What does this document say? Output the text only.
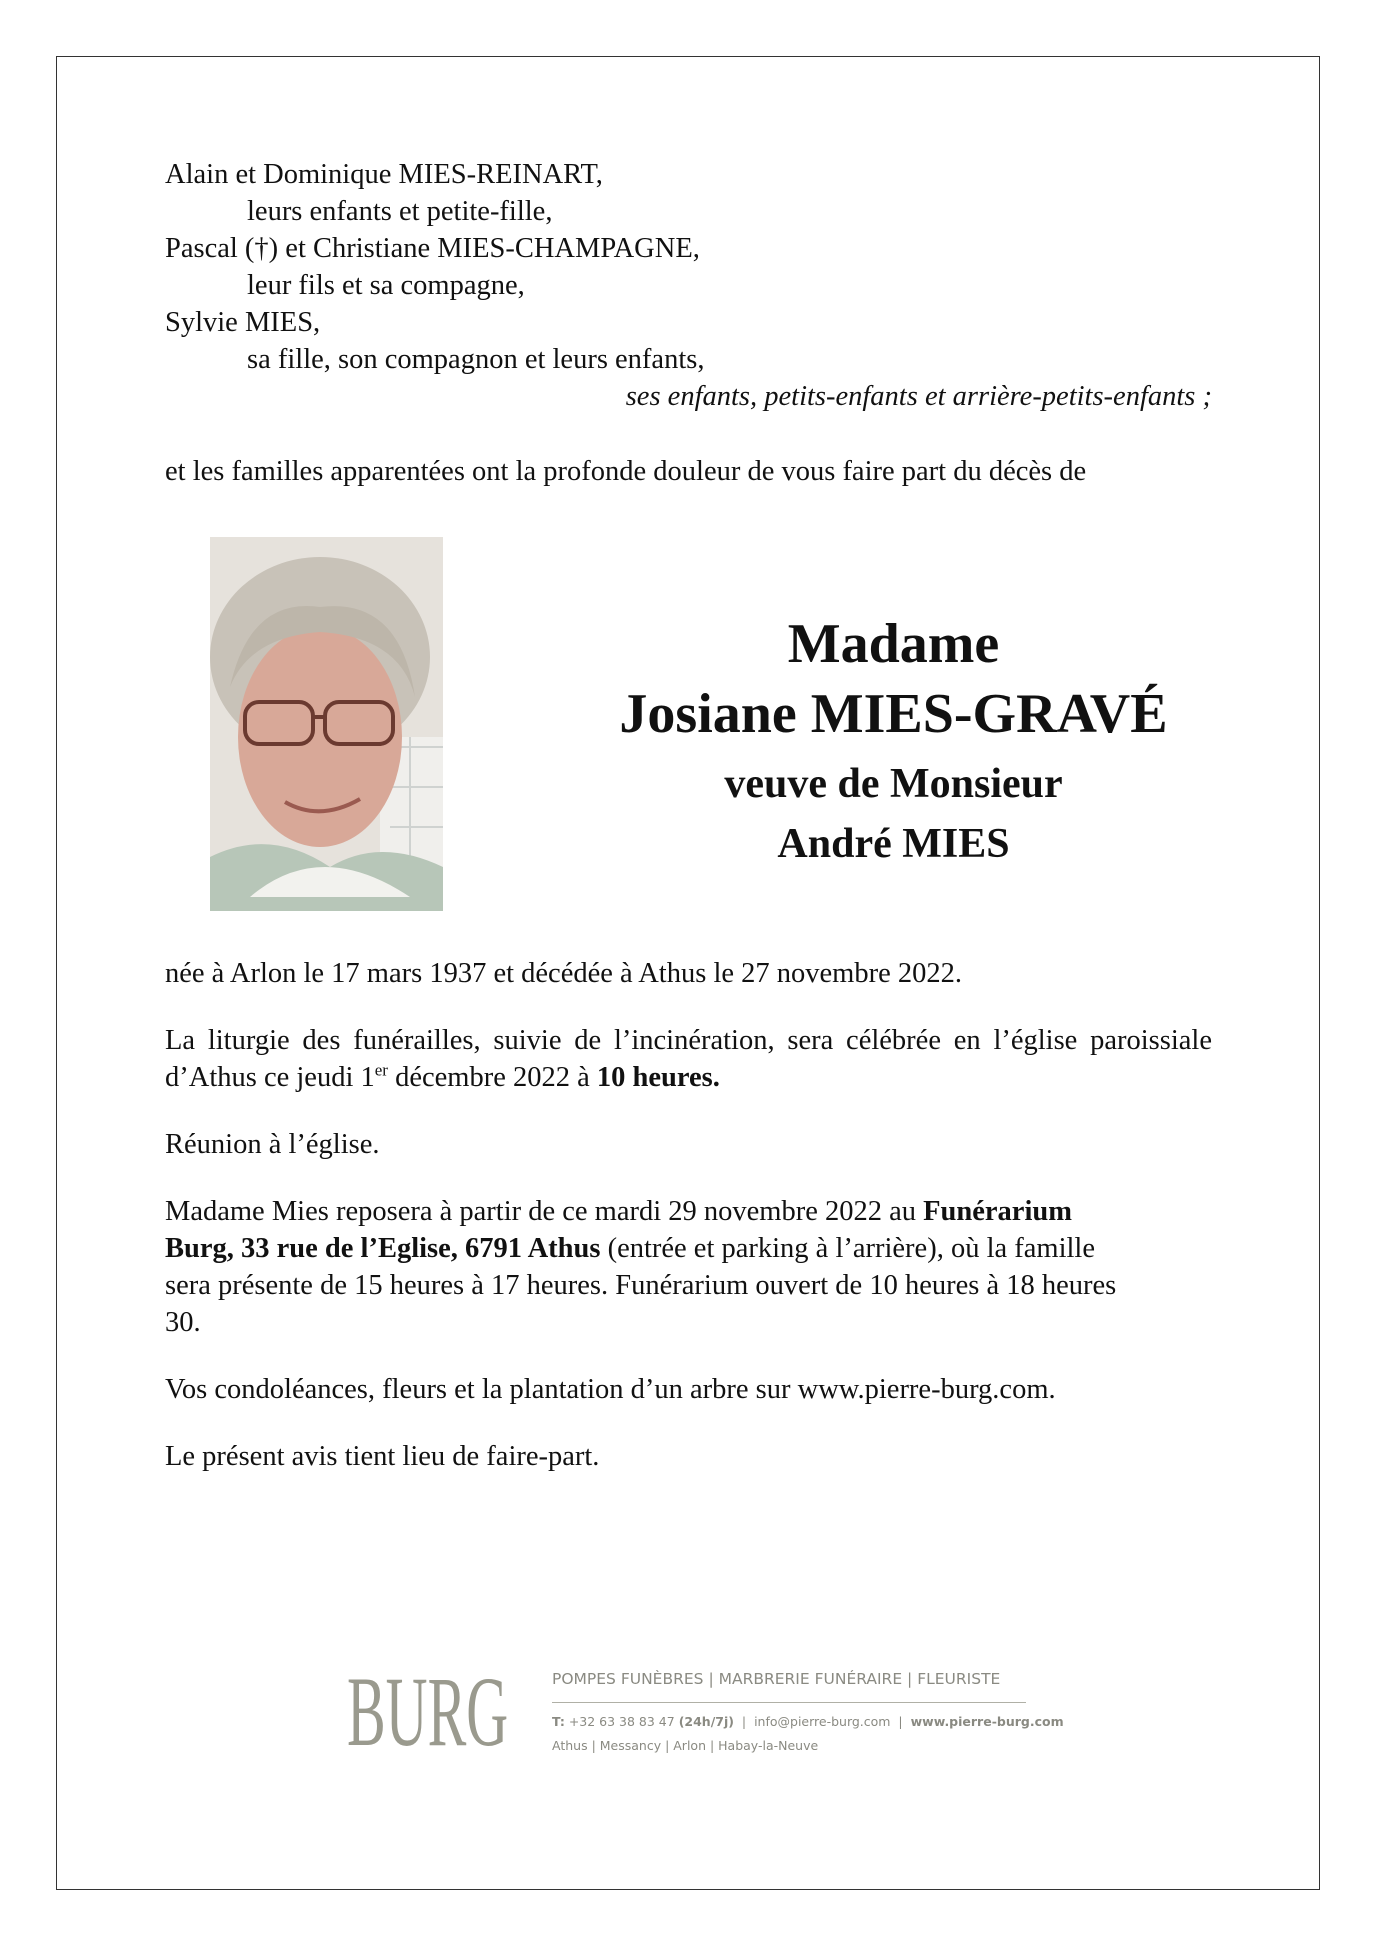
Alain et Dominique MIES-REINART,
leurs enfants et petite-fille,
Pascal (†) et Christiane MIES-CHAMPAGNE,
leur fils et sa compagne,
Sylvie MIES,
sa fille, son compagnon et leurs enfants,
ses enfants, petits-enfants et arrière-petits-enfants ;
et les familles apparentées ont la profonde douleur de vous faire part du décès de
Madame
Josiane MIES-GRAVÉ
veuve de Monsieur
André MIES
née à Arlon le 17 mars 1937 et décédée à Athus le 27 novembre 2022.
La liturgie des funérailles, suivie de l’incinération, sera célébrée en l’église paroissiale d’Athus ce jeudi 1er décembre 2022 à 10 heures.
Réunion à l’église.
Madame Mies reposera à partir de ce mardi 29 novembre 2022 au Funérarium Burg, 33 rue de l’Eglise, 6791 Athus (entrée et parking à l’arrière), où la famille sera présente de 15 heures à 17 heures. Funérarium ouvert de 10 heures à 18 heures 30.
Vos condoléances, fleurs et la plantation d’un arbre sur www.pierre-burg.com.
Le présent avis tient lieu de faire-part.
BURG	POMPES FUNÈBRES | MARBRERIE FUNÉRAIRE | FLEURISTE
T: +32 63 38 83 47 (24h/7j)  |  info@pierre-burg.com  |  www.pierre-burg.com
Athus | Messancy | Arlon | Habay-la-Neuve
